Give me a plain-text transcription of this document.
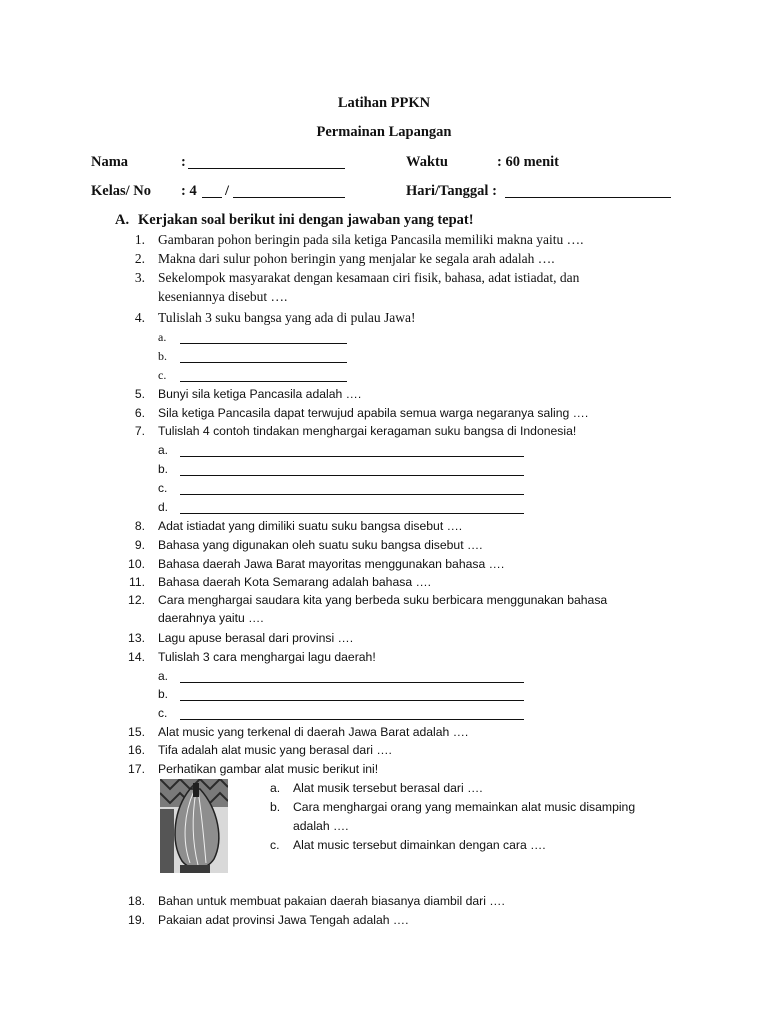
Latihan PPKN
Permainan Lapangan
Nama	:	Waktu	: 60 menit
Kelas/ No : 4 /	Hari/Tanggal :
A. Kerjakan soal berikut ini dengan jawaban yang tepat!
1. Gambaran pohon beringin pada sila ketiga Pancasila memiliki makna yaitu ….
2. Makna dari sulur pohon beringin yang menjalar ke segala arah adalah ….
3. Sekelompok masyarakat dengan kesamaan ciri fisik, bahasa, adat istiadat, dan
keseniannya disebut ….
4. Tulislah 3 suku bangsa yang ada di pulau Jawa!
a.
b.
c.
5. Bunyi sila ketiga Pancasila adalah ….
6. Sila ketiga Pancasila dapat terwujud apabila semua warga negaranya saling ….
7. Tulislah 4 contoh tindakan menghargai keragaman suku bangsa di Indonesia!
a.
b.
c.
d.
8. Adat istiadat yang dimiliki suatu suku bangsa disebut ….
9. Bahasa yang digunakan oleh suatu suku bangsa disebut ….
10. Bahasa daerah Jawa Barat mayoritas menggunakan bahasa ….
11. Bahasa daerah Kota Semarang adalah bahasa ….
12. Cara menghargai saudara kita yang berbeda suku berbicara menggunakan bahasa
daerahnya yaitu ….
13. Lagu apuse berasal dari provinsi ….
14. Tulislah 3 cara menghargai lagu daerah!
a.
b.
c.
15. Alat music yang terkenal di daerah Jawa Barat adalah ….
16. Tifa adalah alat music yang berasal dari ….
17. Perhatikan gambar alat music berikut ini!
a. Alat musik tersebut berasal dari ….
b. Cara menghargai orang yang memainkan alat music disamping
adalah ….
c. Alat music tersebut dimainkan dengan cara ….
18. Bahan untuk membuat pakaian daerah biasanya diambil dari ….
19. Pakaian adat provinsi Jawa Tengah adalah ….
